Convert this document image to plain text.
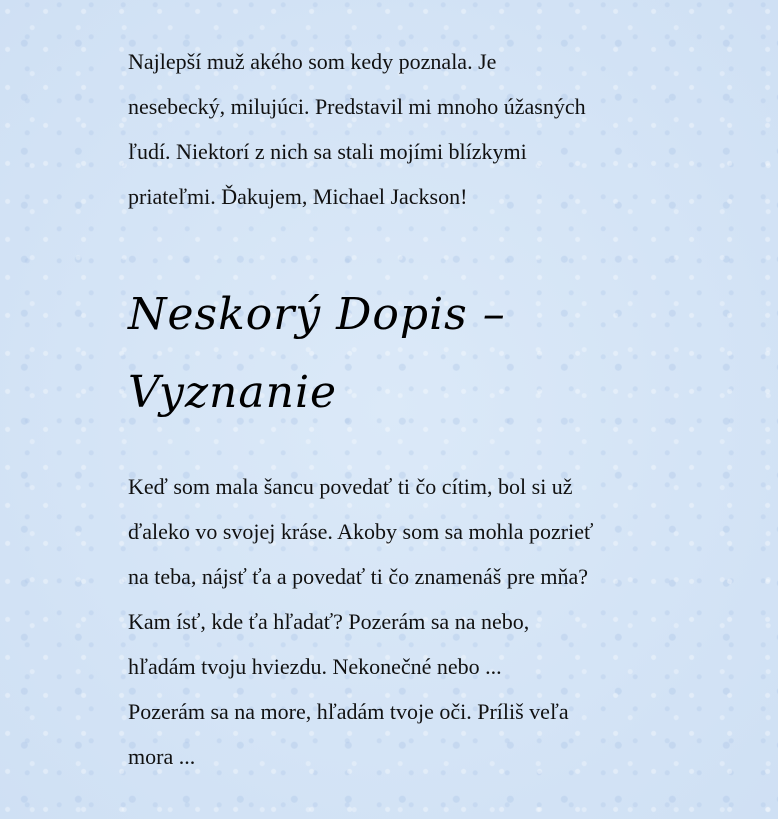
Najlepší muž akého som kedy poznala. Je
nesebecký, milujúci. Predstavil mi mnoho úžasných
ľudí. Niektorí z nich sa stali mojími blízkymi
priateľmi. Ďakujem, Michael Jackson!

Neskorý Dopis –
Vyznanie

Keď som mala šancu povedať ti čo cítim, bol si už
ďaleko vo svojej kráse. Akoby som sa mohla pozrieť
na teba, nájsť ťa a povedať ti čo znamenáš pre mňa?
Kam ísť, kde ťa hľadať? Pozerám sa na nebo,
hľadám tvoju hviezdu. Nekonečné nebo ...
Pozerám sa na more, hľadám tvoje oči. Príliš veľa
mora ...
